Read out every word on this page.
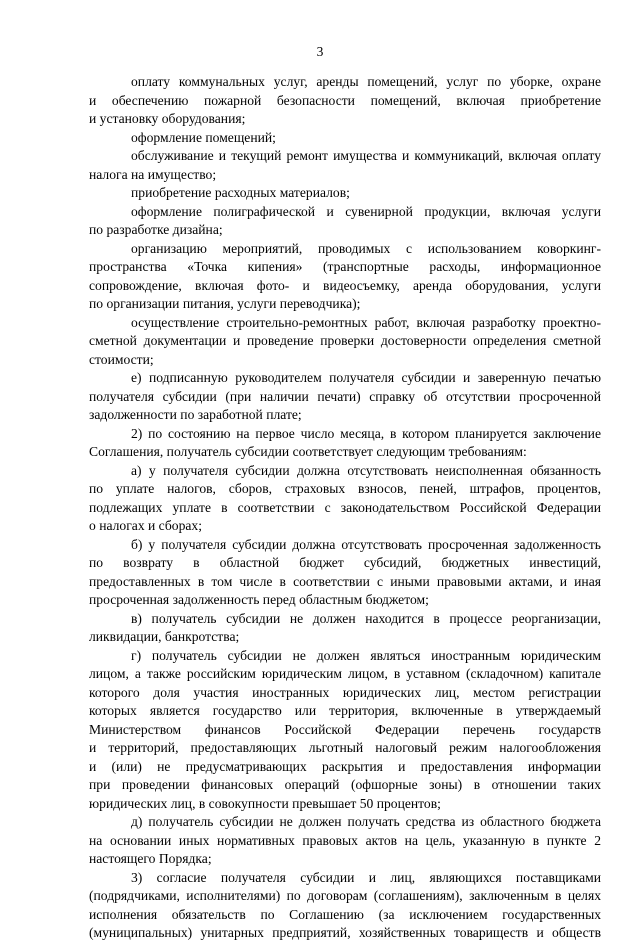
3
оплату коммунальных услуг, аренды помещений, услуг по уборке, охране
и обеспечению пожарной безопасности помещений, включая приобретение
и установку оборудования;
оформление помещений;
обслуживание и текущий ремонт имущества и коммуникаций, включая оплату
налога на имущество;
приобретение расходных материалов;
оформление полиграфической и сувенирной продукции, включая услуги
по разработке дизайна;
организацию мероприятий, проводимых с использованием коворкинг-
пространства «Точка кипения» (транспортные расходы, информационное
сопровождение, включая фото- и видеосъемку, аренда оборудования, услуги
по организации питания, услуги переводчика);
осуществление строительно-ремонтных работ, включая разработку проектно-
сметной документации и проведение проверки достоверности определения сметной
стоимости;
е) подписанную руководителем получателя субсидии и заверенную печатью
получателя субсидии (при наличии печати) справку об отсутствии просроченной
задолженности по заработной плате;
2) по состоянию на первое число месяца, в котором планируется заключение
Соглашения, получатель субсидии соответствует следующим требованиям:
а) у получателя субсидии должна отсутствовать неисполненная обязанность
по уплате налогов, сборов, страховых взносов, пеней, штрафов, процентов,
подлежащих уплате в соответствии с законодательством Российской Федерации
о налогах и сборах;
б) у получателя субсидии должна отсутствовать просроченная задолженность
по возврату в областной бюджет субсидий, бюджетных инвестиций,
предоставленных в том числе в соответствии с иными правовыми актами, и иная
просроченная задолженность перед областным бюджетом;
в) получатель субсидии не должен находится в процессе реорганизации,
ликвидации, банкротства;
г) получатель субсидии не должен являться иностранным юридическим
лицом, а также российским юридическим лицом, в уставном (складочном) капитале
которого доля участия иностранных юридических лиц, местом регистрации
которых является государство или территория, включенные в утверждаемый
Министерством финансов Российской Федерации перечень государств
и территорий, предоставляющих льготный налоговый режим налогообложения
и (или) не предусматривающих раскрытия и предоставления информации
при проведении финансовых операций (офшорные зоны) в отношении таких
юридических лиц, в совокупности превышает 50 процентов;
д) получатель субсидии не должен получать средства из областного бюджета
на основании иных нормативных правовых актов на цель, указанную в пункте 2
настоящего Порядка;
3) согласие получателя субсидии и лиц, являющихся поставщиками
(подрядчиками, исполнителями) по договорам (соглашениям), заключенным в целях
исполнения обязательств по Соглашению (за исключением государственных
(муниципальных) унитарных предприятий, хозяйственных товариществ и обществ
